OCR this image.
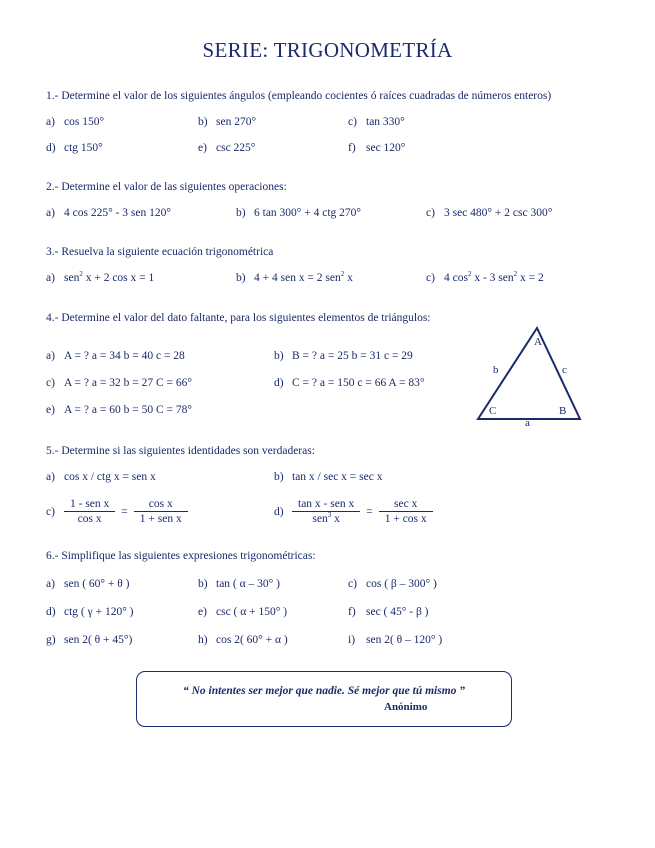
SERIE: TRIGONOMETRÍA
1.- Determine el valor de los siguientes ángulos (empleando cocientes ó raíces cuadradas de números enteros)
a) cos 150°	b) sen 270°	c) tan 330°
d) ctg 150°	e) csc 225°	f) sec 120°
2.- Determine el valor de las siguientes operaciones:
a) 4 cos 225° - 3 sen 120°	b) 6 tan 300° + 4 ctg 270°	c) 3 sec 480° + 2 csc 300°
3.- Resuelva la siguiente ecuación trigonométrica
a) sen$^2$ x + 2 cos x = 1	b) 4 + 4 sen x = 2 sen$^2$ x	c) 4 $\cos^2 x - 3$ sen$^2$ x = 2
4.- Determine el valor del dato faltante, para los siguientes elementos de triángulos:
a) A = ? a = 34 b = 40 c = 28	b) B = ? a = 25 b = 31 c = 29
c) A = ? a = 32 b = 27 C = 66°	d) C = ? a = 150 c = 66 A = 83°
e) A = ? a = 60 b = 50 C = 78°
A
B
C
a
b	c
5.- Determine si las siguientes identidades son verdaderas:
a) cos x / ctg x = sen x	b) tan x / sec x = sec x
$c) \frac{\text{1 - sen x}}{\text{cos x}} = \frac{\text{cos x}}{\text{1 + sen x}}$	$d) \frac{\text{tan x - sen x}}{sen^3 x} = \frac{\text{sec x}}{\text{1 + cos x}}$
6.- Simplifique las siguientes expresiones trigonométricas:
a) sen ( 60° + θ )	b) tan ( α – 30° )	c) cos ( β – 300° )
d) ctg ( γ + 120° )	e) csc ( α + 150° )	f) sec ( 45° - β )
g) sen 2( θ + 45°)	h) cos 2( 60° + α )	i) sen 2( θ – 120° )
“ No intentes ser mejor que nadie. Sé mejor que tú mismo ”
Anónimo
